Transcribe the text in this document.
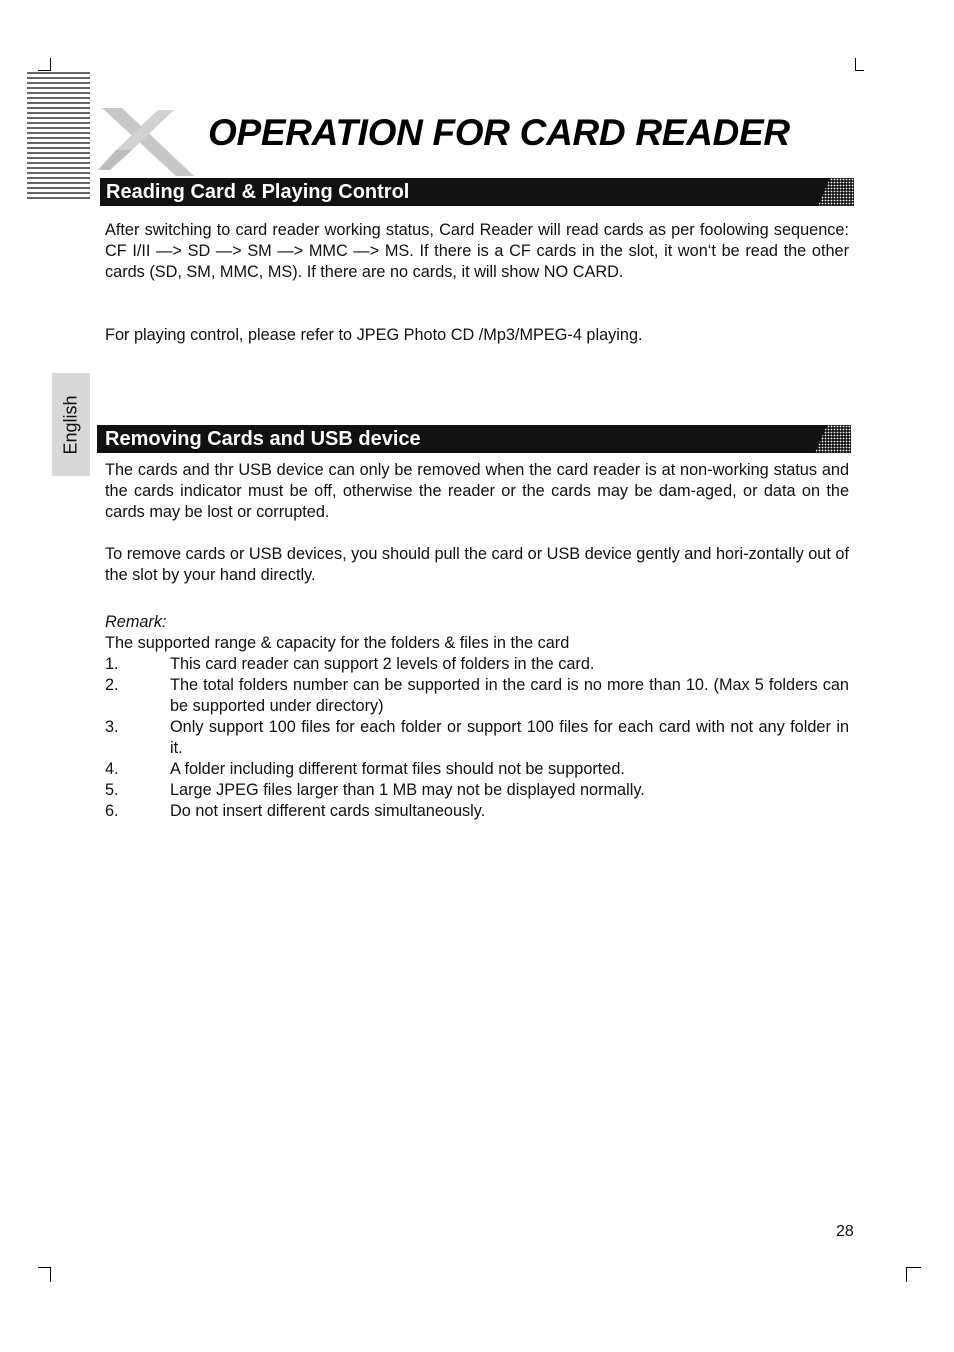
OPERATION FOR CARD READER
Reading Card & Playing Control
After switching to card reader working status, Card Reader will read cards as per foolowing sequence: CF I/II —> SD —> SM —> MMC —> MS. If there is a CF cards in the slot, it won‘t be read the other cards (SD, SM, MMC, MS). If there are no cards, it will show NO CARD.
For playing control, please refer to JPEG Photo CD /Mp3/MPEG-4 playing.
English Removing Cards and USB device
The cards and thr USB device can only be removed when the card reader is at non-working status and the cards indicator must be off, otherwise the reader or the cards may be dam-aged, or data on the cards may be lost or corrupted.
To remove cards or USB devices, you should pull the card or USB device gently and hori-zontally out of the slot by your hand directly.
Remark:
The supported range & capacity for the folders & files in the card
1.	This card reader can support 2 levels of folders in the card.
2.	The total folders number can be supported in the card is no more than 10. (Max 5 folders can be supported under directory)
3.	Only support 100 files for each folder or support 100 files for each card with not any folder in it.
4.	A folder including different format files should not be supported.
5.	Large JPEG files larger than 1 MB may not be displayed normally.
6.	Do not insert different cards simultaneously.
28
